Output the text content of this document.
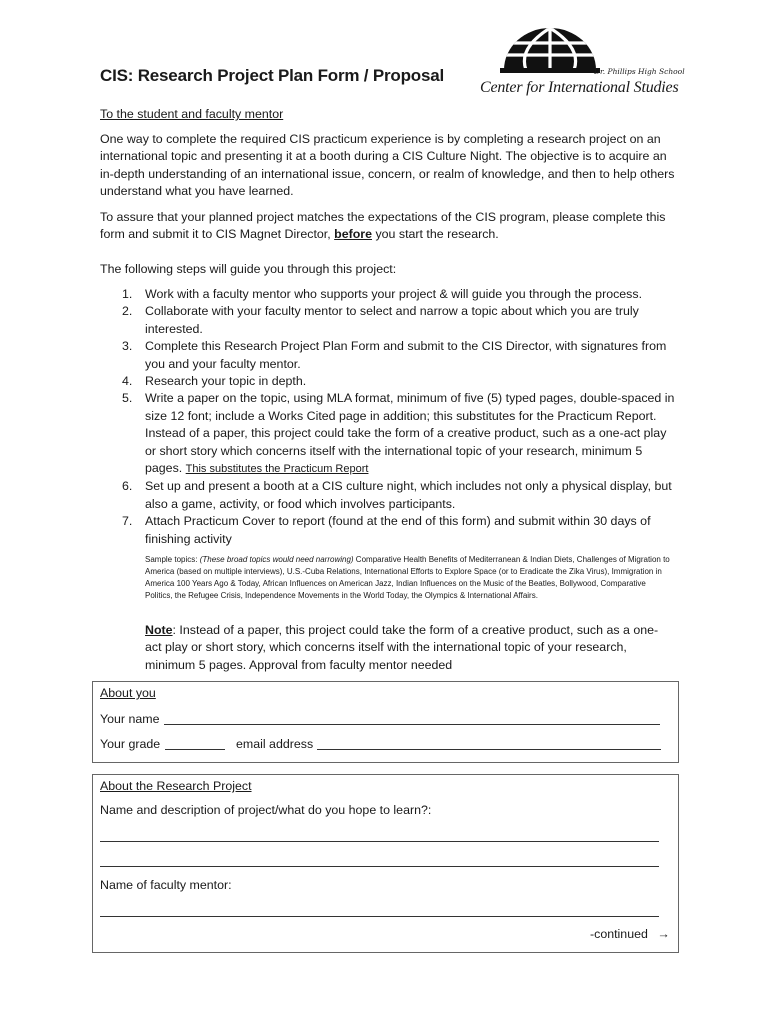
CIS: Research Project Plan Form / Proposal	Dr. Phillips High School
Center for International Studies
To the student and faculty mentor
One way to complete the required CIS practicum experience is by completing a research project on an international topic and presenting it at a booth during a CIS Culture Night. The objective is to acquire an in-depth understanding of an international issue, concern, or realm of knowledge, and then to help others understand what you have learned.
To assure that your planned project matches the expectations of the CIS program, please complete this form and submit it to CIS Magnet Director, before you start the research.
The following steps will guide you through this project:
1. Work with a faculty mentor who supports your project & will guide you through the process.
2. Collaborate with your faculty mentor to select and narrow a topic about which you are truly interested.
3. Complete this Research Project Plan Form and submit to the CIS Director, with signatures from you and your faculty mentor.
4. Research your topic in depth.
5. Write a paper on the topic, using MLA format, minimum of five (5) typed pages, double-spaced in size 12 font; include a Works Cited page in addition; this substitutes for the Practicum Report. Instead of a paper, this project could take the form of a creative product, such as a one-act play or short story which concerns itself with the international topic of your research, minimum 5 pages. This substitutes the Practicum Report
6. Set up and present a booth at a CIS culture night, which includes not only a physical display, but also a game, activity, or food which involves participants.
7. Attach Practicum Cover to report (found at the end of this form) and submit within 30 days of finishing activity
Sample topics: (These broad topics would need narrowing) Comparative Health Benefits of Mediterranean & Indian Diets, Challenges of Migration to America (based on multiple interviews), U.S.-Cuba Relations, International Efforts to Explore Space (or to Eradicate the Zika Virus), Immigration in America 100 Years Ago & Today, African Influences on American Jazz, Indian Influences on the Music of the Beatles, Bollywood, Comparative Politics, the Refugee Crisis, Independence Movements in the World Today, the Olympics & International Affairs.
Note: Instead of a paper, this project could take the form of a creative product, such as a one-act play or short story, which concerns itself with the international topic of your research, minimum 5 pages. Approval from faculty mentor needed
About you
Your name
Your grade	email address
About the Research Project
Name and description of project/what do you hope to learn?:
Name of faculty mentor:
-continued →
